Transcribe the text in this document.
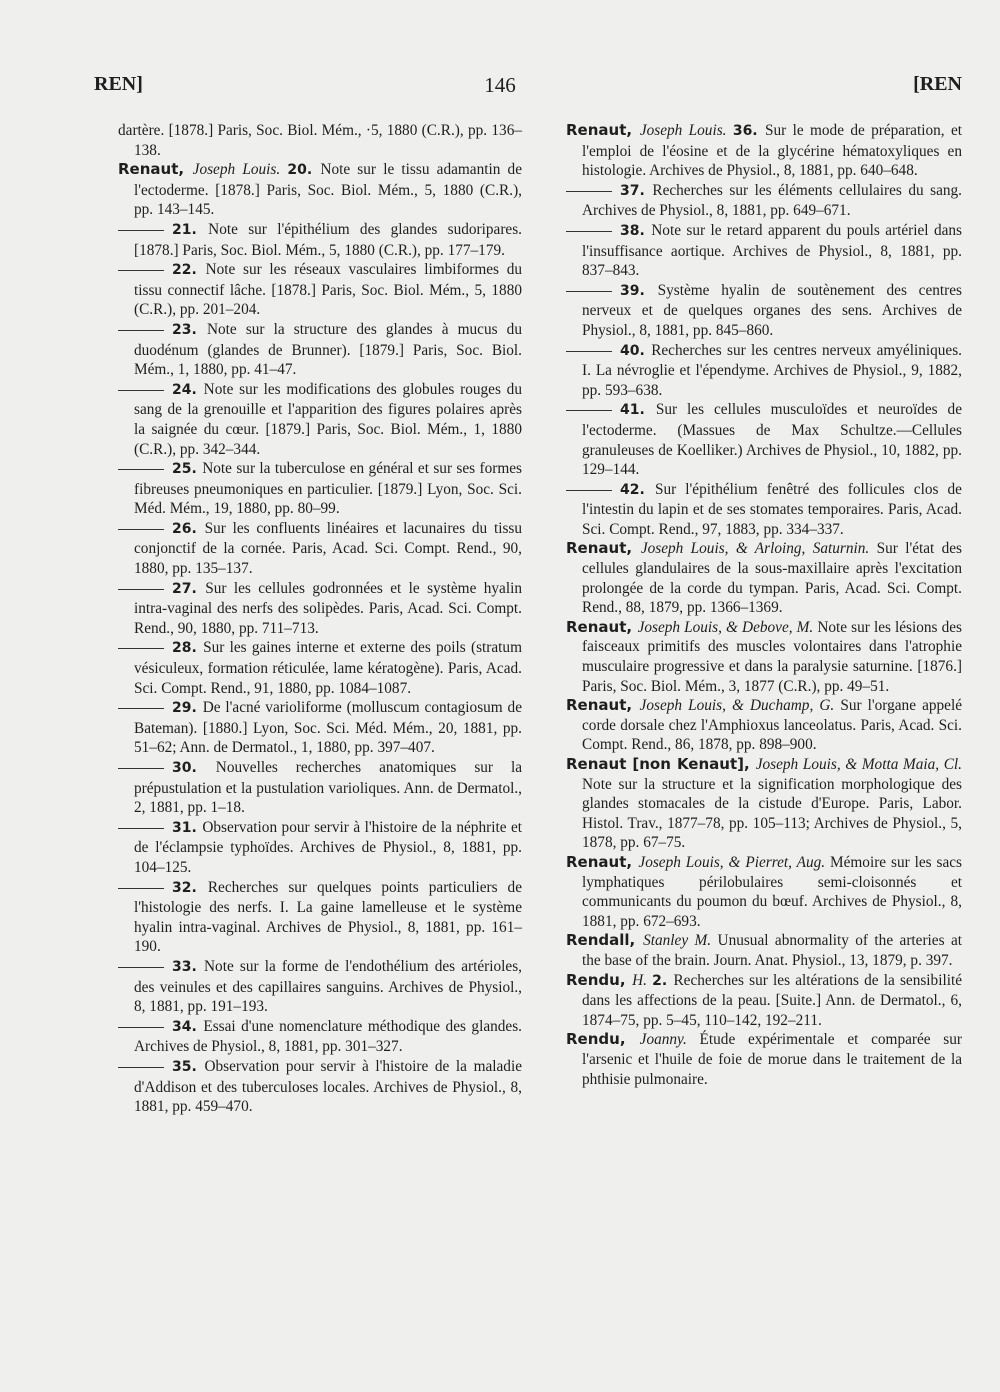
REN]	146	[REN

dartère. [1878.] Paris, Soc. Biol. Mém., ·5, 1880 (C.R.), pp. 136–138.

Renaut, Joseph Louis. 20. Note sur le tissu adamantin de l'ectoderme. [1878.] Paris, Soc. Biol. Mém., 5, 1880 (C.R.), pp. 143–145.

21. Note sur l'épithélium des glandes sudoripares. [1878.] Paris, Soc. Biol. Mém., 5, 1880 (C.R.), pp. 177–179.

22. Note sur les réseaux vasculaires limbiformes du tissu connectif lâche. [1878.] Paris, Soc. Biol. Mém., 5, 1880 (C.R.), pp. 201–204.

23. Note sur la structure des glandes à mucus du duodénum (glandes de Brunner). [1879.] Paris, Soc. Biol. Mém., 1, 1880, pp. 41–47.

24. Note sur les modifications des globules rouges du sang de la grenouille et l'apparition des figures polaires après la saignée du cœur. [1879.] Paris, Soc. Biol. Mém., 1, 1880 (C.R.), pp. 342–344.

25. Note sur la tuberculose en général et sur ses formes fibreuses pneumoniques en particulier. [1879.] Lyon, Soc. Sci. Méd. Mém., 19, 1880, pp. 80–99.

26. Sur les confluents linéaires et lacunaires du tissu conjonctif de la cornée. Paris, Acad. Sci. Compt. Rend., 90, 1880, pp. 135–137.

27. Sur les cellules godronnées et le système hyalin intra-vaginal des nerfs des solipèdes. Paris, Acad. Sci. Compt. Rend., 90, 1880, pp. 711–713.

28. Sur les gaines interne et externe des poils (stratum vésiculeux, formation réticulée, lame kératogène). Paris, Acad. Sci. Compt. Rend., 91, 1880, pp. 1084–1087.

29. De l'acné varioliforme (molluscum contagiosum de Bateman). [1880.] Lyon, Soc. Sci. Méd. Mém., 20, 1881, pp. 51–62; Ann. de Dermatol., 1, 1880, pp. 397–407.

30. Nouvelles recherches anatomiques sur la prépustulation et la pustulation varioliques. Ann. de Dermatol., 2, 1881, pp. 1–18.

31. Observation pour servir à l'histoire de la néphrite et de l'éclampsie typhoïdes. Archives de Physiol., 8, 1881, pp. 104–125.

32. Recherches sur quelques points particuliers de l'histologie des nerfs. I. La gaine lamelleuse et le système hyalin intra-vaginal. Archives de Physiol., 8, 1881, pp. 161–190.

33. Note sur la forme de l'endothélium des artérioles, des veinules et des capillaires sanguins. Archives de Physiol., 8, 1881, pp. 191–193.

34. Essai d'une nomenclature méthodique des glandes. Archives de Physiol., 8, 1881, pp. 301–327.

35. Observation pour servir à l'histoire de la maladie d'Addison et des tuberculoses locales. Archives de Physiol., 8, 1881, pp. 459–470.

Renaut, Joseph Louis. 36. Sur le mode de préparation, et l'emploi de l'éosine et de la glycérine hématoxyliques en histologie. Archives de Physiol., 8, 1881, pp. 640–648.

37. Recherches sur les éléments cellulaires du sang. Archives de Physiol., 8, 1881, pp. 649–671.

38. Note sur le retard apparent du pouls artériel dans l'insuffisance aortique. Archives de Physiol., 8, 1881, pp. 837–843.

39. Système hyalin de soutènement des centres nerveux et de quelques organes des sens. Archives de Physiol., 8, 1881, pp. 845–860.

40. Recherches sur les centres nerveux amyéliniques. I. La névroglie et l'épendyme. Archives de Physiol., 9, 1882, pp. 593–638.

41. Sur les cellules musculoïdes et neuroïdes de l'ectoderme. (Massues de Max Schultze.—Cellules granuleuses de Koelliker.) Archives de Physiol., 10, 1882, pp. 129–144.

42. Sur l'épithélium fenêtré des follicules clos de l'intestin du lapin et de ses stomates temporaires. Paris, Acad. Sci. Compt. Rend., 97, 1883, pp. 334–337.

Renaut, Joseph Louis, & Arloing, Saturnin. Sur l'état des cellules glandulaires de la sous-maxillaire après l'excitation prolongée de la corde du tympan. Paris, Acad. Sci. Compt. Rend., 88, 1879, pp. 1366–1369.

Renaut, Joseph Louis, & Debove, M. Note sur les lésions des faisceaux primitifs des muscles volontaires dans l'atrophie musculaire progressive et dans la paralysie saturnine. [1876.] Paris, Soc. Biol. Mém., 3, 1877 (C.R.), pp. 49–51.

Renaut, Joseph Louis, & Duchamp, G. Sur l'organe appelé corde dorsale chez l'Amphioxus lanceolatus. Paris, Acad. Sci. Compt. Rend., 86, 1878, pp. 898–900.

Renaut [non Kenaut], Joseph Louis, & Motta Maia, Cl. Note sur la structure et la signification morphologique des glandes stomacales de la cistude d'Europe. Paris, Labor. Histol. Trav., 1877–78, pp. 105–113; Archives de Physiol., 5, 1878, pp. 67–75.

Renaut, Joseph Louis, & Pierret, Aug. Mémoire sur les sacs lymphatiques périlobulaires semi-cloisonnés et communicants du poumon du bœuf. Archives de Physiol., 8, 1881, pp. 672–693.

Rendall, Stanley M. Unusual abnormality of the arteries at the base of the brain. Journ. Anat. Physiol., 13, 1879, p. 397.

Rendu, H. 2. Recherches sur les altérations de la sensibilité dans les affections de la peau. [Suite.] Ann. de Dermatol., 6, 1874–75, pp. 5–45, 110–142, 192–211.

Rendu, Joanny. Étude expérimentale et comparée sur l'arsenic et l'huile de foie de morue dans le traitement de la phthisie pulmonaire.
